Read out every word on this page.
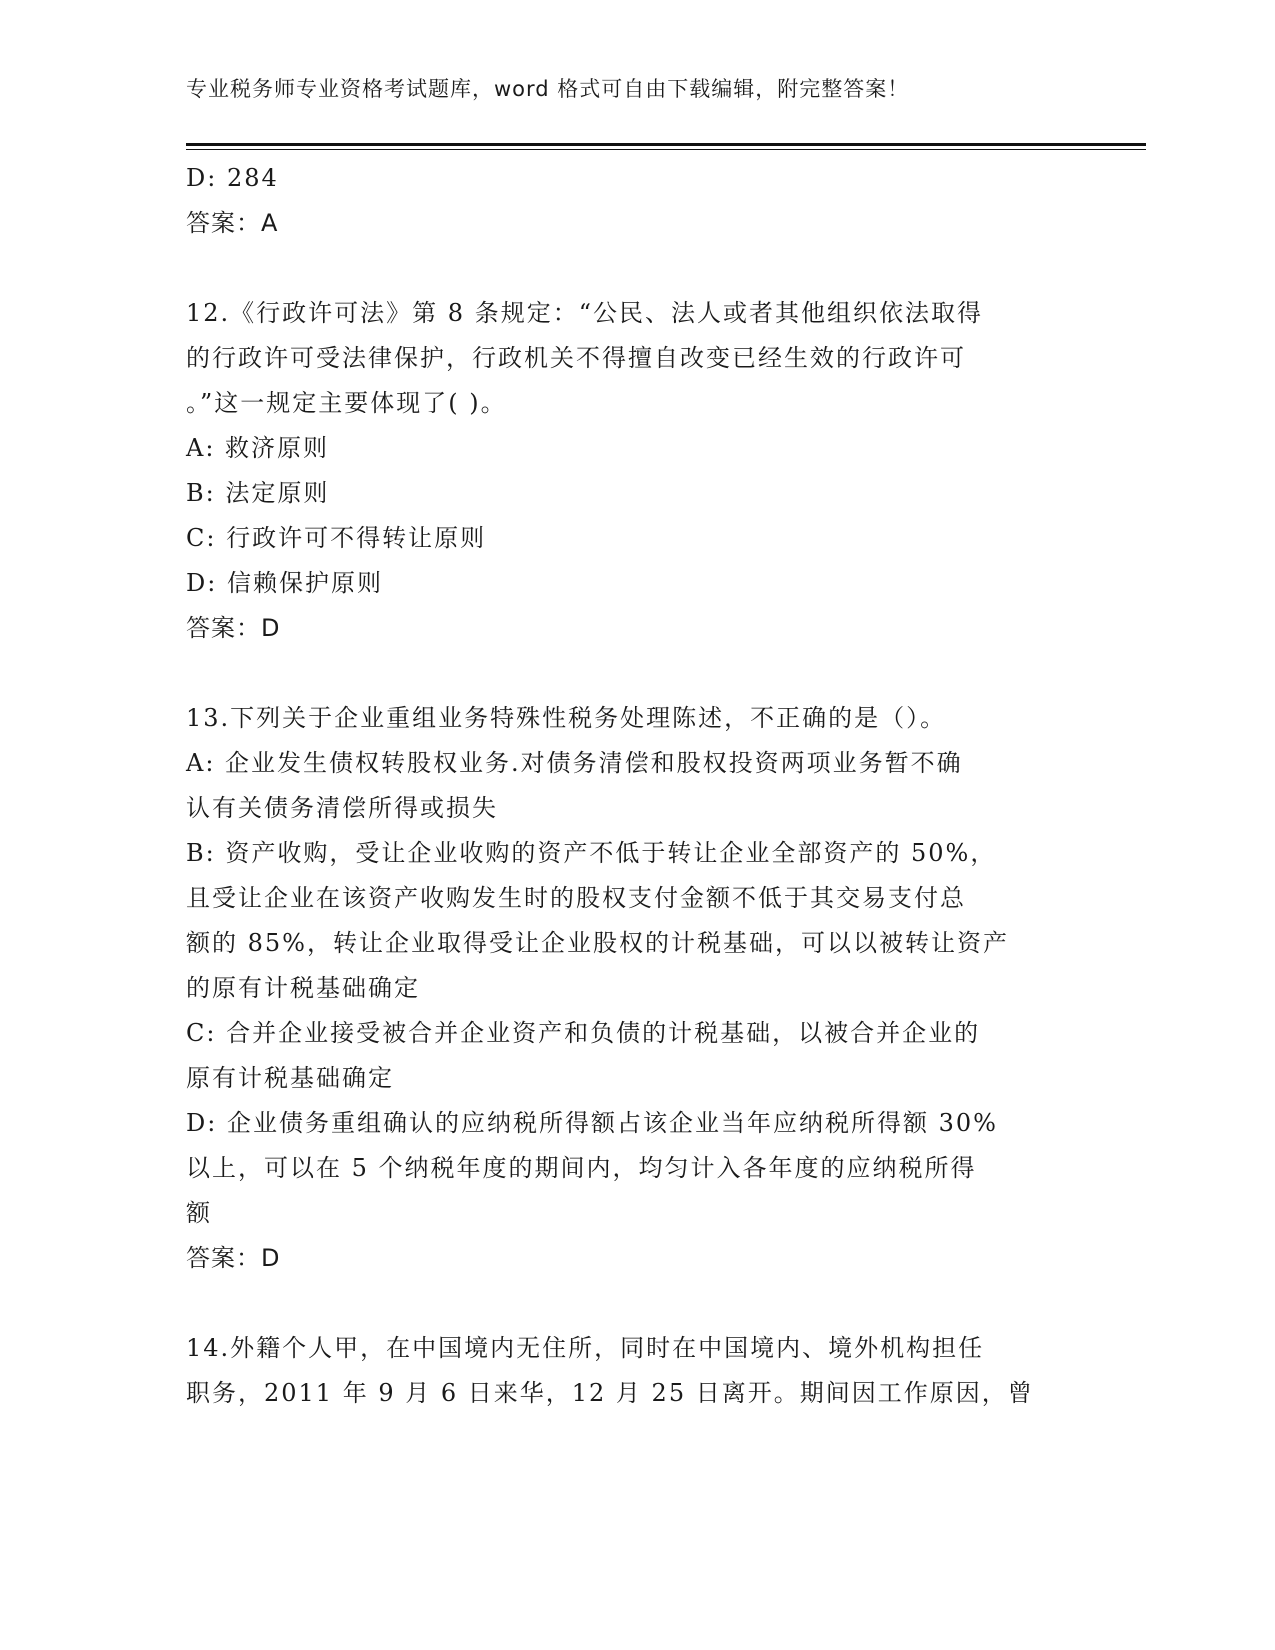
专业税务师专业资格考试题库，word 格式可自由下载编辑，附完整答案！
D: 284
答案：A
12.《行政许可法》第 8 条规定：“公民、法人或者其他组织依法取得
的行政许可受法律保护，行政机关不得擅自改变已经生效的行政许可
。”这一规定主要体现了( )。
A: 救济原则
B: 法定原则
C: 行政许可不得转让原则
D: 信赖保护原则
答案：D
13.下列关于企业重组业务特殊性税务处理陈述，不正确的是（）。
A: 企业发生债权转股权业务.对债务清偿和股权投资两项业务暂不确
认有关债务清偿所得或损失
B: 资产收购，受让企业收购的资产不低于转让企业全部资产的 50%，
且受让企业在该资产收购发生时的股权支付金额不低于其交易支付总
额的 85%，转让企业取得受让企业股权的计税基础，可以以被转让资产
的原有计税基础确定
C: 合并企业接受被合并企业资产和负债的计税基础，以被合并企业的
原有计税基础确定
D: 企业债务重组确认的应纳税所得额占该企业当年应纳税所得额 30%
以上，可以在 5 个纳税年度的期间内，均匀计入各年度的应纳税所得
额
答案：D
14.外籍个人甲，在中国境内无住所，同时在中国境内、境外机构担任
职务，2011 年 9 月 6 日来华，12 月 25 日离开。期间因工作原因，曾
